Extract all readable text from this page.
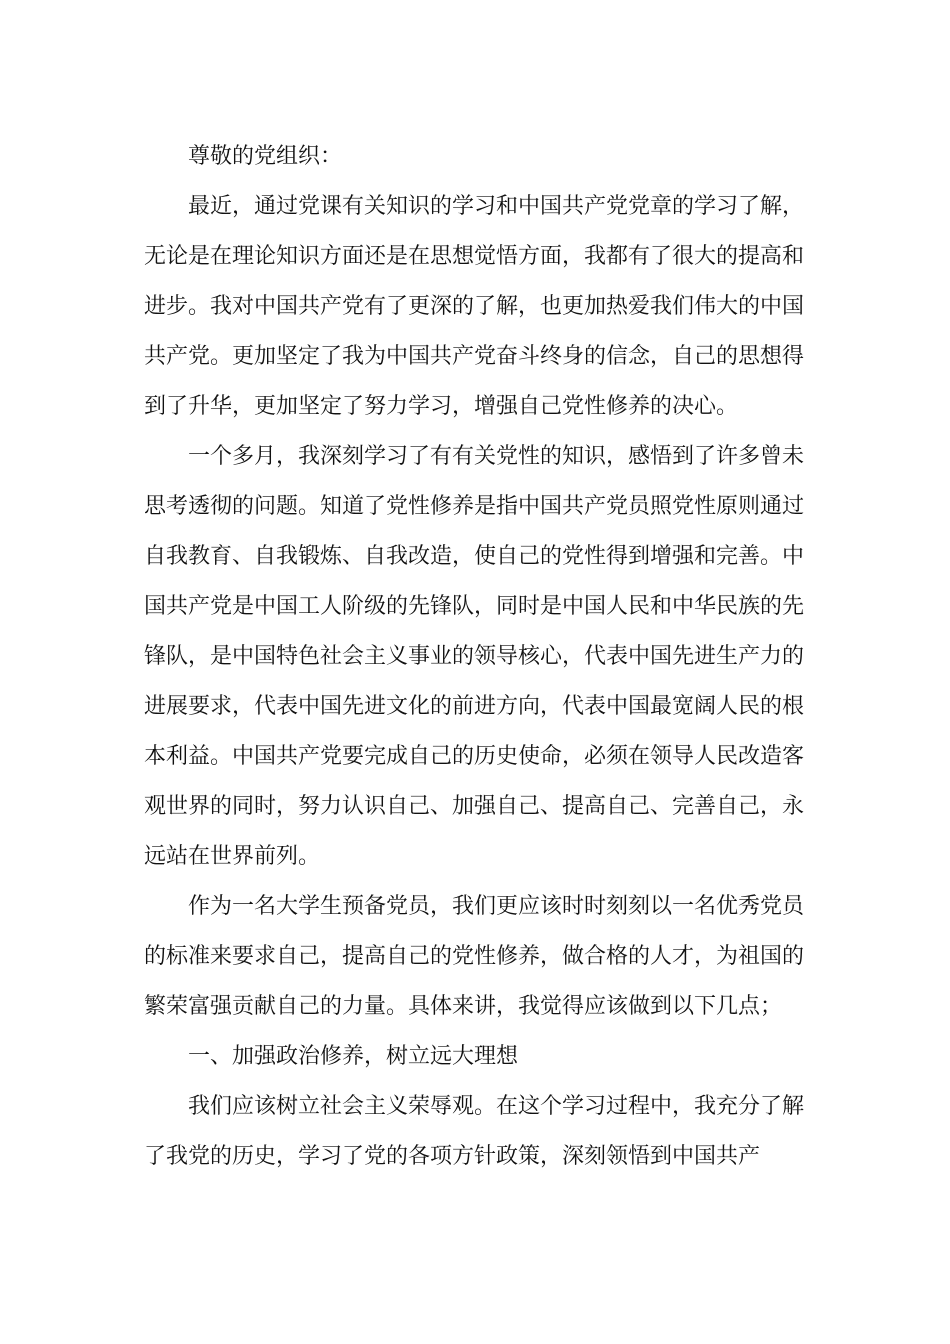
尊敬的党组织：

最近，通过党课有关知识的学习和中国共产党党章的学习了解，无论是在理论知识方面还是在思想觉悟方面，我都有了很大的提高和进步。我对中国共产党有了更深的了解，也更加热爱我们伟大的中国共产党。更加坚定了我为中国共产党奋斗终身的信念，自己的思想得到了升华，更加坚定了努力学习，增强自己党性修养的决心。

一个多月，我深刻学习了有有关党性的知识，感悟到了许多曾未思考透彻的问题。知道了党性修养是指中国共产党员照党性原则通过自我教育、自我锻炼、自我改造，使自己的党性得到增强和完善。中国共产党是中国工人阶级的先锋队，同时是中国人民和中华民族的先锋队，是中国特色社会主义事业的领导核心，代表中国先进生产力的进展要求，代表中国先进文化的前进方向，代表中国最宽阔人民的根本利益。中国共产党要完成自己的历史使命，必须在领导人民改造客观世界的同时，努力认识自己、加强自己、提高自己、完善自己，永远站在世界前列。

作为一名大学生预备党员，我们更应该时时刻刻以一名优秀党员的标准来要求自己，提高自己的党性修养，做合格的人才，为祖国的繁荣富强贡献自己的力量。具体来讲，我觉得应该做到以下几点；

一、加强政治修养，树立远大理想

我们应该树立社会主义荣辱观。在这个学习过程中，我充分了解了我党的历史，学习了党的各项方针政策，深刻领悟到中国共产
